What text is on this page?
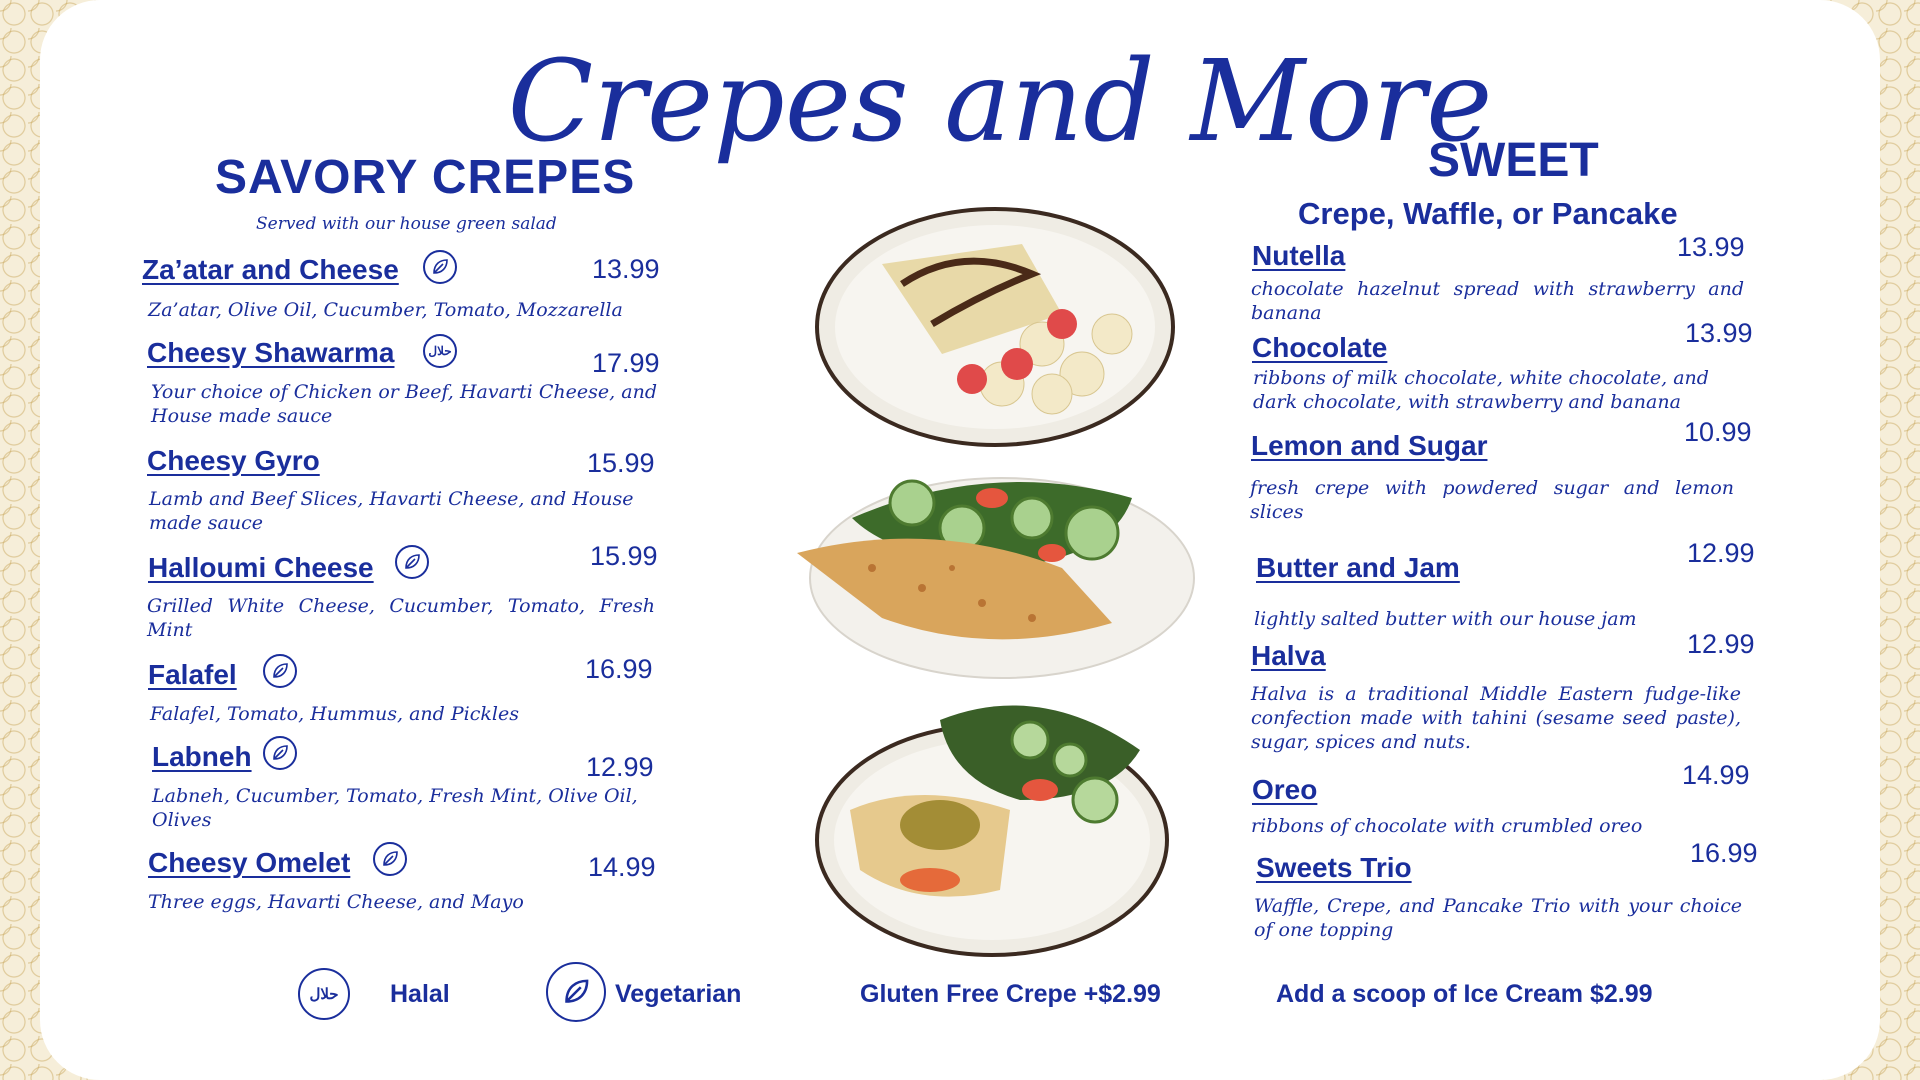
Crepes and More
SAVORY CREPES
Served with our house green salad
Za’atar and Cheese	13.99
Za’atar, Olive Oil, Cucumber, Tomato, Mozzarella
Cheesy Shawarma	حلال	17.99
Your choice of Chicken or Beef, Havarti Cheese, and House made sauce
Cheesy Gyro	15.99
Lamb and Beef Slices, Havarti Cheese, and House made sauce
Halloumi Cheese	15.99
Grilled White Cheese, Cucumber, Tomato, Fresh Mint
Falafel	16.99
Falafel, Tomato, Hummus, and Pickles
Labneh	12.99
Labneh, Cucumber, Tomato, Fresh Mint, Olive Oil, Olives
Cheesy Omelet	14.99
Three eggs, Havarti Cheese, and Mayo
SWEET
Crepe, Waffle, or Pancake
Nutella	13.99
chocolate hazelnut spread with strawberry and banana
Chocolate	13.99
ribbons of milk chocolate, white chocolate, and dark chocolate, with strawberry and banana
Lemon and Sugar	10.99
fresh crepe with powdered sugar and lemon slices
Butter and Jam	12.99
lightly salted butter with our house jam
Halva	12.99
Halva is a traditional Middle Eastern fudge-like confection made with tahini (sesame seed paste), sugar, spices and nuts.
Oreo	14.99
ribbons of chocolate with crumbled oreo
Sweets Trio	16.99
Waffle, Crepe, and Pancake Trio with your choice of one topping
حلال Halal	Vegetarian	Gluten Free Crepe +$2.99	Add a scoop of Ice Cream $2.99
